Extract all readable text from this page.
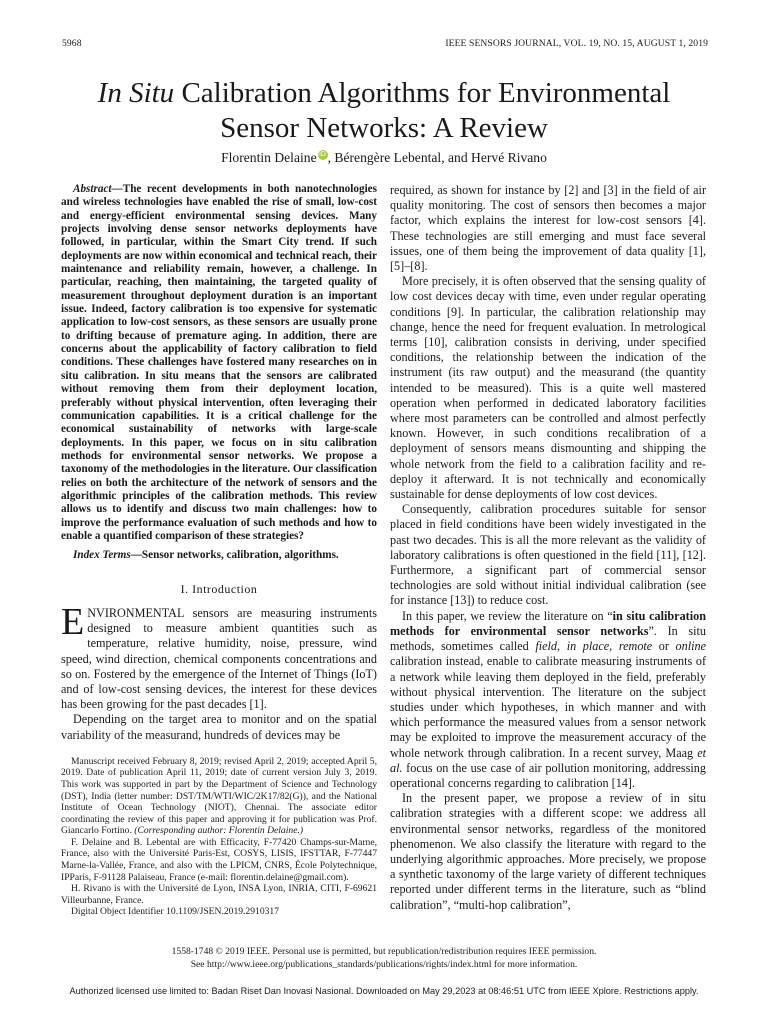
5968	IEEE SENSORS JOURNAL, VOL. 19, NO. 15, AUGUST 1, 2019
In Situ Calibration Algorithms for Environmental
Sensor Networks: A Review
Florentin Delaine iD , Bérengère Lebental, and Hervé Rivano

Abstract—The recent developments in both nanotechnologies and wireless technologies have enabled the rise of small, low-cost and energy-efficient environmental sensing devices. Many projects involving dense sensor networks deployments have followed, in particular, within the Smart City trend. If such deployments are now within economical and technical reach, their maintenance and reliability remain, however, a challenge. In particular, reaching, then maintaining, the targeted quality of measurement throughout deployment duration is an important issue. Indeed, factory calibration is too expensive for systematic application to low-cost sensors, as these sensors are usually prone to drifting because of premature aging. In addition, there are concerns about the applicability of factory calibration to field conditions. These challenges have fostered many researches on in situ calibration. In situ means that the sensors are calibrated without removing them from their deployment location, preferably without physical intervention, often leveraging their communication capabilities. It is a critical challenge for the economical sustainability of networks with large-scale deployments. In this paper, we focus on in situ calibration methods for environmental sensor networks. We propose a taxonomy of the methodologies in the literature. Our classification relies on both the architecture of the network of sensors and the algorithmic principles of the calibration methods. This review allows us to identify and discuss two main challenges: how to improve the performance evaluation of such methods and how to enable a quantified comparison of these strategies?

Index Terms—Sensor networks, calibration, algorithms.

I. Introduction

ENVIRONMENTAL sensors are measuring instruments designed to measure ambient quantities such as temperature, relative humidity, noise, pressure, wind speed, wind direction, chemical components concentrations and so on. Fostered by the emergence of the Internet of Things (IoT) and of low-cost sensing devices, the interest for these devices has been growing for the past decades [1].

Depending on the target area to monitor and on the spatial variability of the measurand, hundreds of devices may be

Manuscript received February 8, 2019; revised April 2, 2019; accepted April 5, 2019. Date of publication April 11, 2019; date of current version July 3, 2019. This work was supported in part by the Department of Science and Technology (DST), India (letter number: DST/TM/WTI/WIC/2K17/82(G)), and the National Institute of Ocean Technology (NIOT), Chennai. The associate editor coordinating the review of this paper and approving it for publication was Prof. Giancarlo Fortino. (Corresponding author: Florentin Delaine.)

F. Delaine and B. Lebental are with Efficacity, F-77420 Champs-sur-Marne, France, also with the Université Paris-Est, COSYS, LISIS, IFSTTAR, F-77447 Marne-la-Vallée, France, and also with the LPICM, CNRS, École Polytechnique, IPParis, F-91128 Palaiseau, France (e-mail: florentin.delaine@gmail.com).

H. Rivano is with the Université de Lyon, INSA Lyon, INRIA, CITI, F-69621 Villeurbanne, France.

Digital Object Identifier 10.1109/JSEN.2019.2910317

required, as shown for instance by [2] and [3] in the field of air quality monitoring. The cost of sensors then becomes a major factor, which explains the interest for low-cost sensors [4]. These technologies are still emerging and must face several issues, one of them being the improvement of data quality [1], [5]–[8].

More precisely, it is often observed that the sensing quality of low cost devices decay with time, even under regular operating conditions [9]. In particular, the calibration relationship may change, hence the need for frequent evaluation. In metrological terms [10], calibration consists in deriving, under specified conditions, the relationship between the indication of the instrument (its raw output) and the measurand (the quantity intended to be measured). This is a quite well mastered operation when performed in dedicated laboratory facilities where most parameters can be controlled and almost perfectly known. However, in such conditions recalibration of a deployment of sensors means dismounting and shipping the whole network from the field to a calibration facility and re-deploy it afterward. It is not technically and economically sustainable for dense deployments of low cost devices.

Consequently, calibration procedures suitable for sensor placed in field conditions have been widely investigated in the past two decades. This is all the more relevant as the validity of laboratory calibrations is often questioned in the field [11], [12]. Furthermore, a significant part of commercial sensor technologies are sold without initial individual calibration (see for instance [13]) to reduce cost.

In this paper, we review the literature on “in situ calibration methods for environmental sensor networks”. In situ methods, sometimes called field, in place, remote or online calibration instead, enable to calibrate measuring instruments of a network while leaving them deployed in the field, preferably without physical intervention. The literature on the subject studies under which hypotheses, in which manner and with which performance the measured values from a sensor network may be exploited to improve the measurement accuracy of the whole network through calibration. In a recent survey, Maag et al. focus on the use case of air pollution monitoring, addressing operational concerns regarding to calibration [14].

In the present paper, we propose a review of in situ calibration strategies with a different scope: we address all environmental sensor networks, regardless of the monitored phenomenon. We also classify the literature with regard to the underlying algorithmic approaches. More precisely, we propose a synthetic taxonomy of the large variety of different techniques reported under different terms in the literature, such as “blind calibration”, “multi-hop calibration”,

1558-1748 © 2019 IEEE. Personal use is permitted, but republication/redistribution requires IEEE permission.
See http://www.ieee.org/publications_standards/publications/rights/index.html for more information.
Authorized licensed use limited to: Badan Riset Dan Inovasi Nasional. Downloaded on May 29,2023 at 08:46:51 UTC from IEEE Xplore. Restrictions apply.
